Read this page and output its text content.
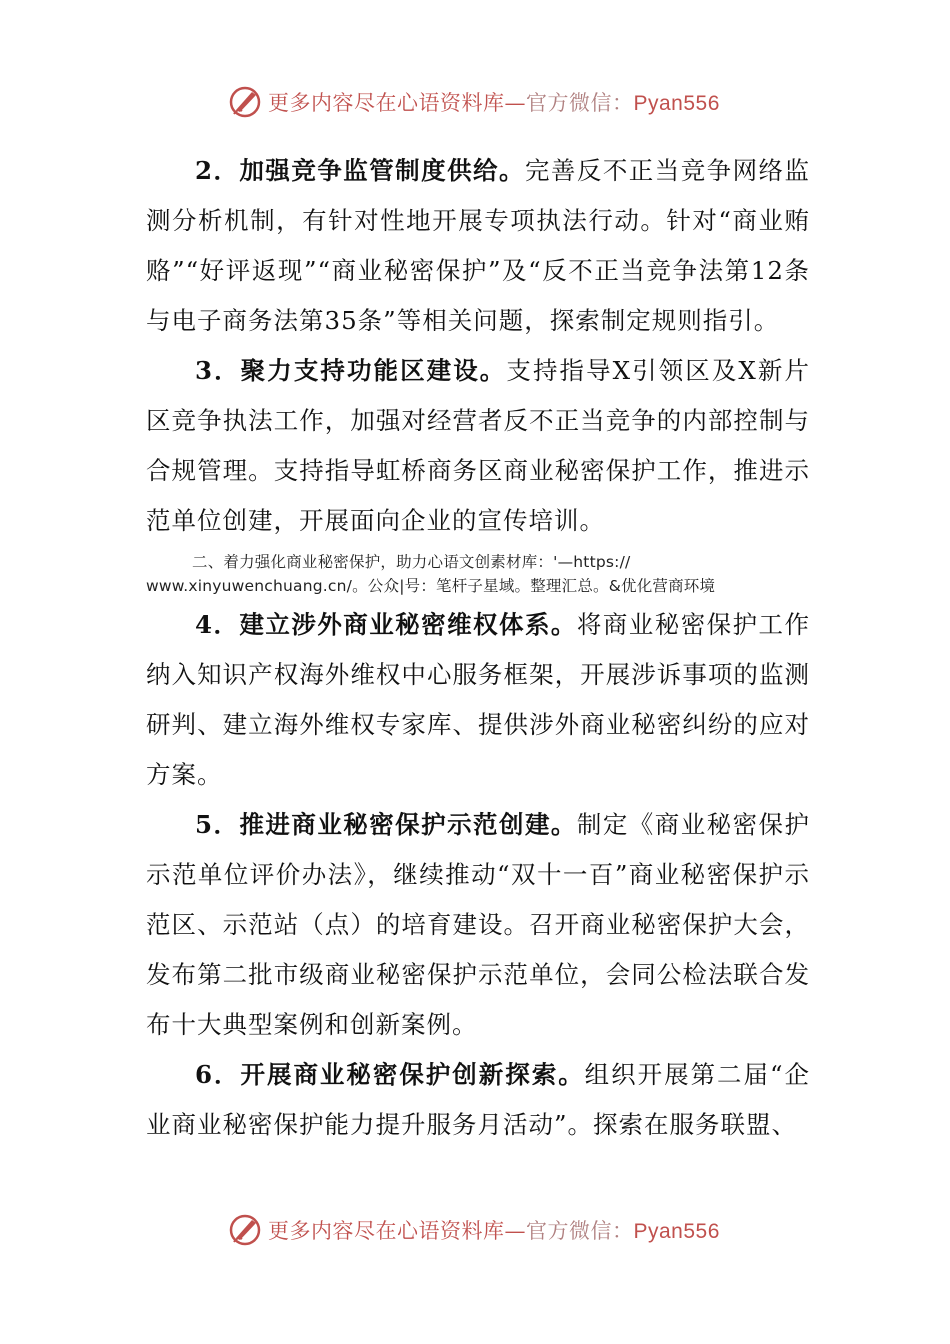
更多内容尽在心语资料库—官方微信：Pyan556

2．加强竞争监管制度供给。完善反不正当竞争网络监测分析机制，有针对性地开展专项执法行动。针对“商业贿赂”“好评返现”“商业秘密保护”及“反不正当竞争法第12条与电子商务法第35条”等相关问题，探索制定规则指引。

3．聚力支持功能区建设。支持指导X引领区及X新片区竞争执法工作，加强对经营者反不正当竞争的内部控制与合规管理。支持指导虹桥商务区商业秘密保护工作，推进示范单位创建，开展面向企业的宣传培训。

二、着力强化商业秘密保护，助力心语文创素材库：'—https://
www.xinyuwenchuang.cn/。公众|号：笔杆子星域。整理汇总。&优化营商环境

4．建立涉外商业秘密维权体系。将商业秘密保护工作纳入知识产权海外维权中心服务框架，开展涉诉事项的监测研判、建立海外维权专家库、提供涉外商业秘密纠纷的应对方案。

5．推进商业秘密保护示范创建。制定《商业秘密保护示范单位评价办法》，继续推动“双十一百”商业秘密保护示范区、示范站（点）的培育建设。召开商业秘密保护大会，发布第二批市级商业秘密保护示范单位，会同公检法联合发布十大典型案例和创新案例。

6．开展商业秘密保护创新探索。组织开展第二届“企业商业秘密保护能力提升服务月活动”。探索在服务联盟、

更多内容尽在心语资料库—官方微信：Pyan556
